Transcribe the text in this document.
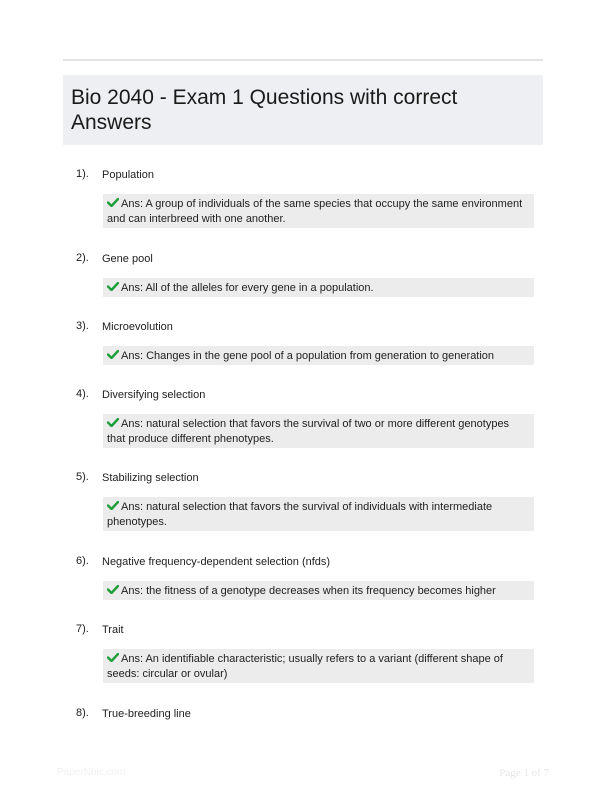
Bio 2040 - Exam 1 Questions with correct Answers
1). Population
Ans: A group of individuals of the same species that occupy the same environment and can interbreed with one another.
2). Gene pool
Ans: All of the alleles for every gene in a population.
3). Microevolution
Ans: Changes in the gene pool of a population from generation to generation
4). Diversifying selection
Ans: natural selection that favors the survival of two or more different genotypes that produce different phenotypes.
5). Stabilizing selection
Ans: natural selection that favors the survival of individuals with intermediate phenotypes.
6). Negative frequency-dependent selection (nfds)
Ans: the fitness of a genotype decreases when its frequency becomes higher
7). Trait
Ans: An identifiable characteristic; usually refers to a variant (different shape of seeds: circular or ovular)
8). True-breeding line
PaperNbic.com	Page 1 of 7
